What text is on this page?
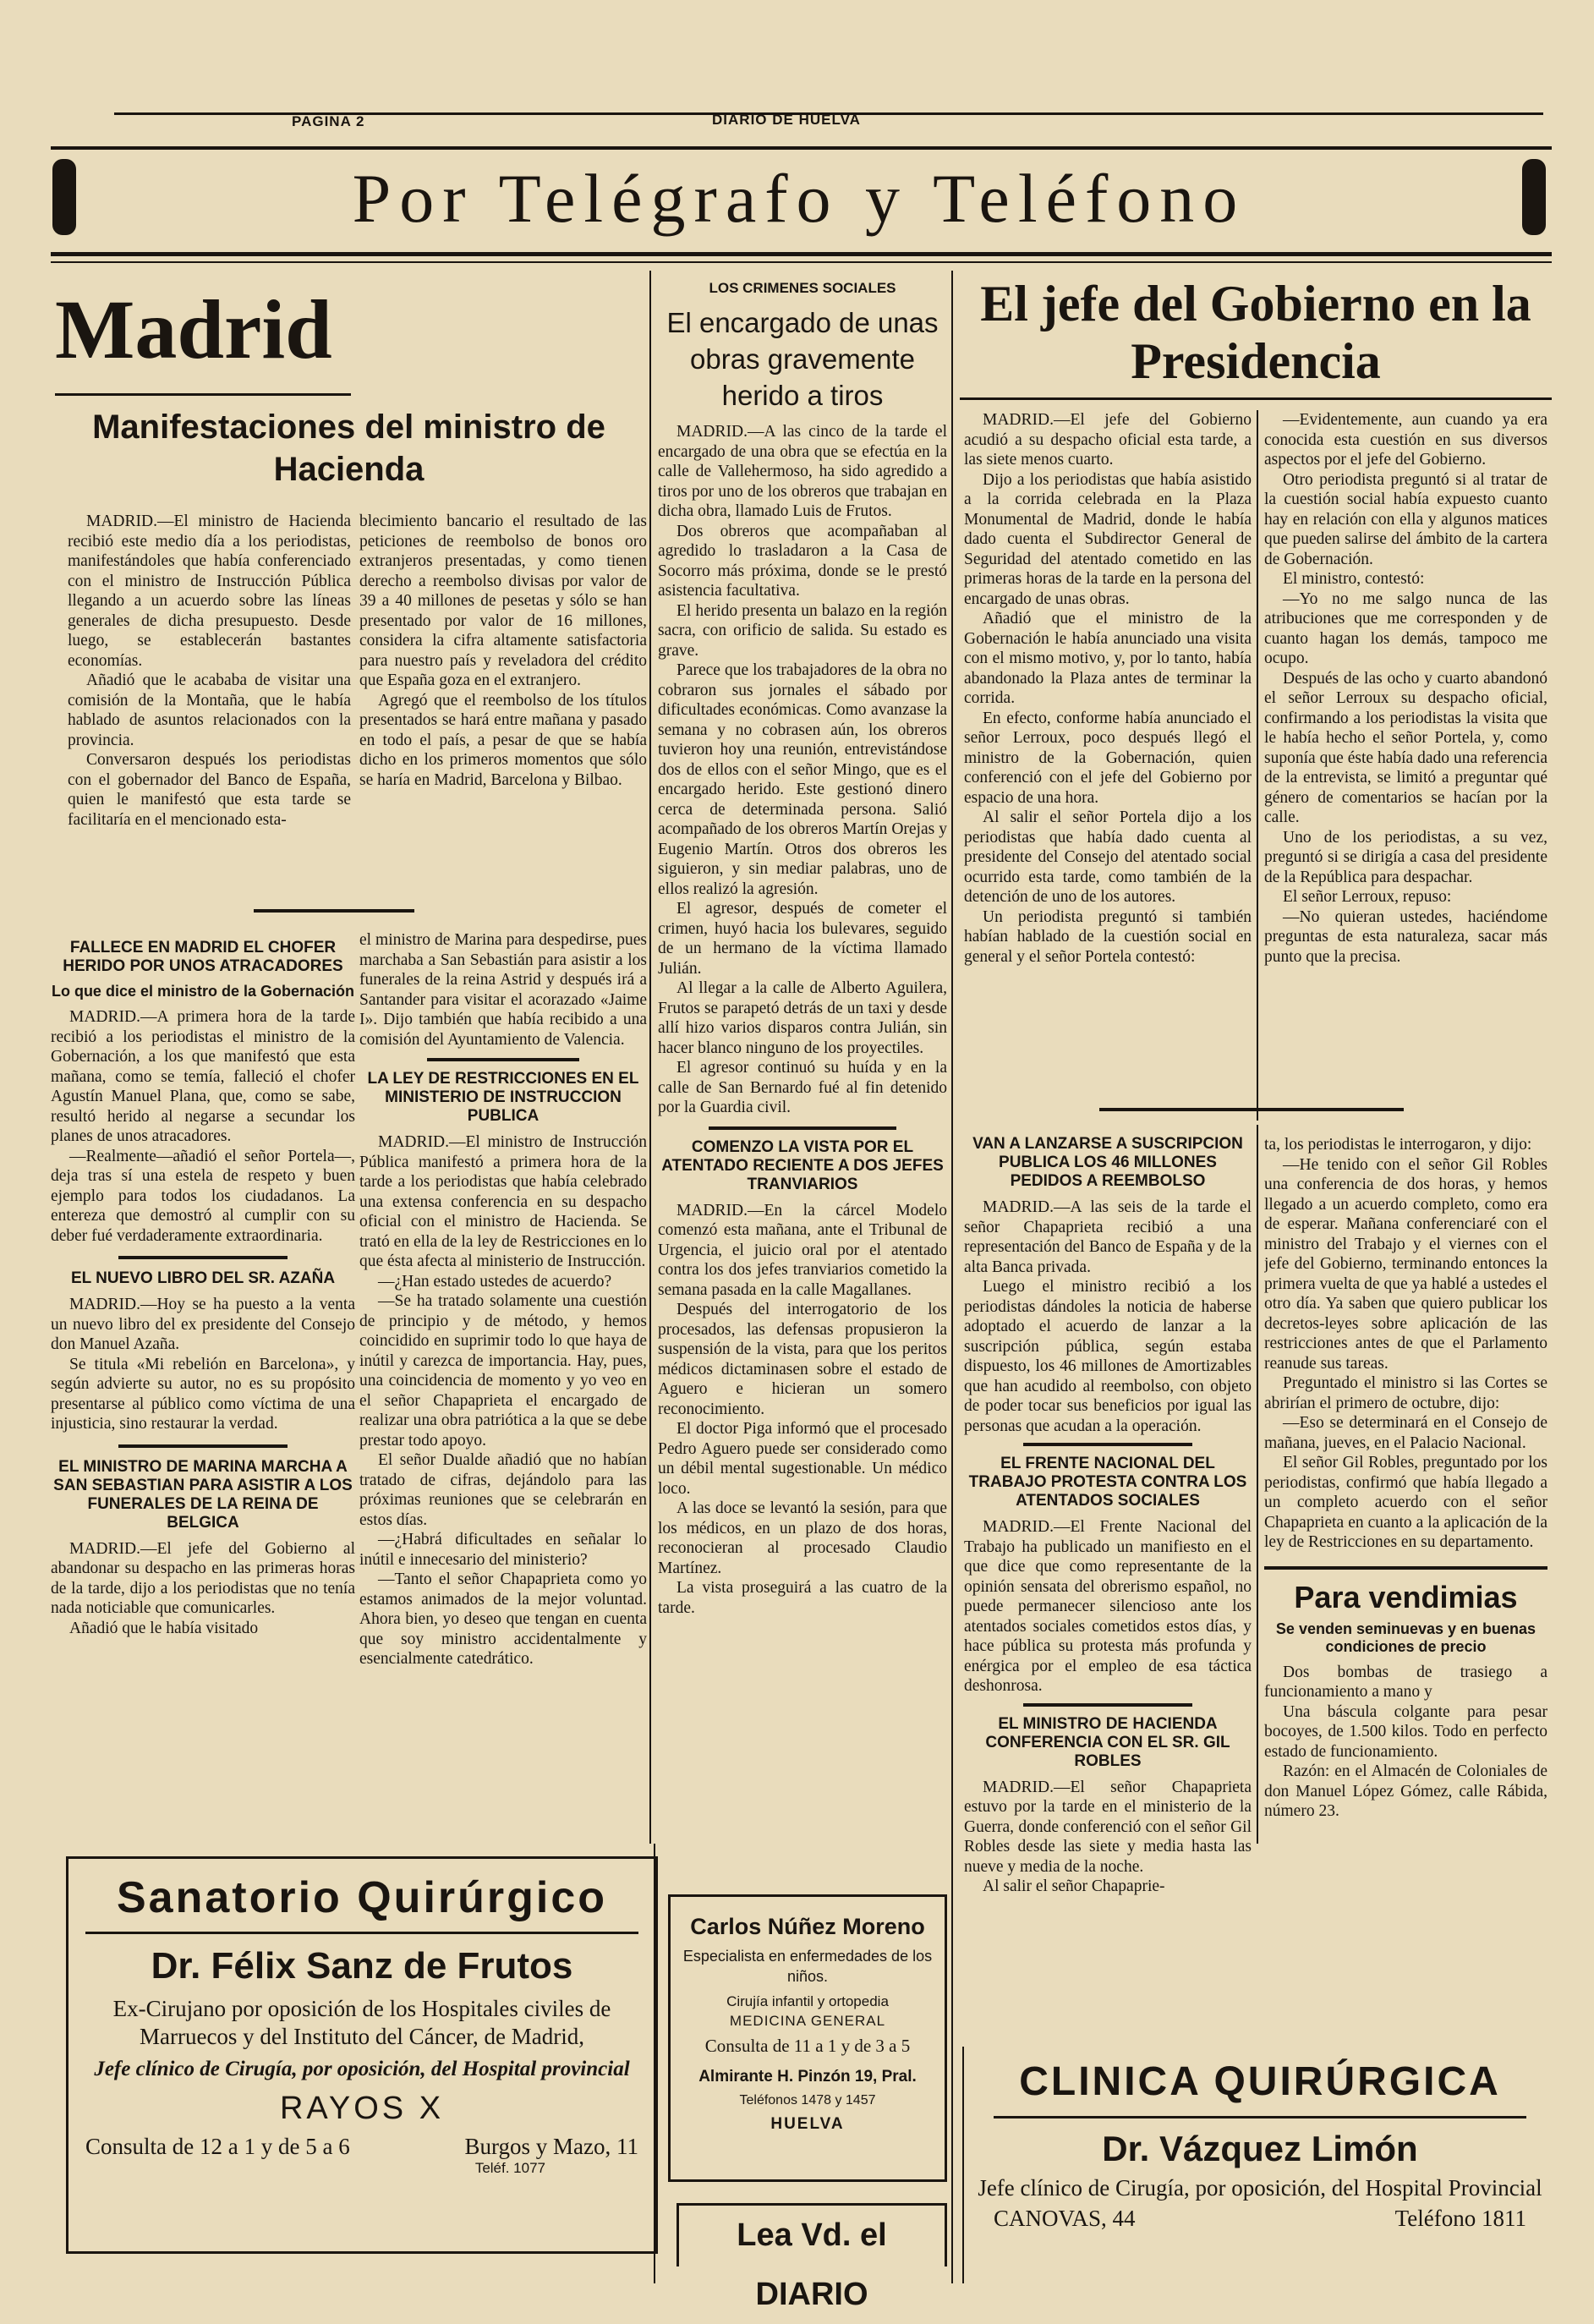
PAGINA 2	DIARIO DE HUELVA
Por Telégrafo y Teléfono
Madrid
Manifestaciones del ministro de Hacienda

MADRID.—El ministro de Hacienda recibió este medio día a los periodistas, manifestándoles que había conferenciado con el ministro de Instrucción Pública llegando a un acuerdo sobre las líneas generales de dicha presupuesto. Desde luego, se establecerán bastantes economías.

Añadió que le acababa de visitar una comisión de la Montaña, que le había hablado de asuntos relacionados con la provincia.

Conversaron después los periodistas con el gobernador del Banco de España, quien le manifestó que esta tarde se facilitaría en el mencionado esta-

blecimiento bancario el resultado de las peticiones de reembolso de bonos oro extranjeros presentadas, y como tienen derecho a reembolso divisas por valor de 39 a 40 millones de pesetas y sólo se han presentado por valor de 16 millones, considera la cifra altamente satisfactoria para nuestro país y reveladora del crédito que España goza en el extranjero.

Agregó que el reembolso de los títulos presentados se hará entre mañana y pasado en todo el país, a pesar de que se había dicho en los primeros momentos que sólo se haría en Madrid, Barcelona y Bilbao.

FALLECE EN MADRID EL CHOFER HERIDO POR UNOS ATRACADORES
Lo que dice el ministro de la Gobernación

MADRID.—A primera hora de la tarde recibió a los periodistas el ministro de la Gobernación, a los que manifestó que esta mañana, como se temía, falleció el chofer Agustín Manuel Plana, que, como se sabe, resultó herido al negarse a secundar los planes de unos atracadores.

—Realmente—añadió el señor Portela—, deja tras sí una estela de respeto y buen ejemplo para todos los ciudadanos. La entereza que demostró al cumplir con su deber fué verdaderamente extraordinaria.

EL NUEVO LIBRO DEL SR. AZAÑA

MADRID.—Hoy se ha puesto a la venta un nuevo libro del ex presidente del Consejo don Manuel Azaña.

Se titula «Mi rebelión en Barcelona», y según advierte su autor, no es su propósito presentarse al público como víctima de una injusticia, sino restaurar la verdad.

EL MINISTRO DE MARINA MARCHA A SAN SEBASTIAN PARA ASISTIR A LOS FUNERALES DE LA REINA DE BELGICA

MADRID.—El jefe del Gobierno al abandonar su despacho en las primeras horas de la tarde, dijo a los periodistas que no tenía nada noticiable que comunicarles.

Añadió que le había visitado

el ministro de Marina para despedirse, pues marchaba a San Sebastián para asistir a los funerales de la reina Astrid y después irá a Santander para visitar el acorazado «Jaime I». Dijo también que había recibido a una comisión del Ayuntamiento de Valencia.

LA LEY DE RESTRICCIONES EN EL MINISTERIO DE INSTRUCCION PUBLICA

MADRID.—El ministro de Instrucción Pública manifestó a primera hora de la tarde a los periodistas que había celebrado una extensa conferencia en su despacho oficial con el ministro de Hacienda. Se trató en ella de la ley de Restricciones en lo que ésta afecta al ministerio de Instrucción.

—¿Han estado ustedes de acuerdo?

—Se ha tratado solamente una cuestión de principio y de método, y hemos coincidido en suprimir todo lo que haya de inútil y carezca de importancia. Hay, pues, una coincidencia de momento y yo veo en el señor Chapaprieta el encargado de realizar una obra patriótica a la que se debe prestar todo apoyo.

El señor Dualde añadió que no habían tratado de cifras, dejándolo para las próximas reuniones que se celebrarán en estos días.

—¿Habrá dificultades en señalar lo inútil e innecesario del ministerio?

—Tanto el señor Chapaprieta como yo estamos animados de la mejor voluntad. Ahora bien, yo deseo que tengan en cuenta que soy ministro accidentalmente y esencialmente catedrático.

LOS CRIMENES SOCIALES
El encargado de unas obras gravemente herido a tiros

MADRID.—A las cinco de la tarde el encargado de una obra que se efectúa en la calle de Vallehermoso, ha sido agredido a tiros por uno de los obreros que trabajan en dicha obra, llamado Luis de Frutos.

Dos obreros que acompañaban al agredido lo trasladaron a la Casa de Socorro más próxima, donde se le prestó asistencia facultativa.

El herido presenta un balazo en la región sacra, con orificio de salida. Su estado es grave.

Parece que los trabajadores de la obra no cobraron sus jornales el sábado por dificultades económicas. Como avanzase la semana y no cobrasen aún, los obreros tuvieron hoy una reunión, entrevistándose dos de ellos con el señor Mingo, que es el encargado herido. Este gestionó dinero cerca de determinada persona. Salió acompañado de los obreros Martín Orejas y Eugenio Martín. Otros dos obreros les siguieron, y sin mediar palabras, uno de ellos realizó la agresión.

El agresor, después de cometer el crimen, huyó hacia los bulevares, seguido de un hermano de la víctima llamado Julián.

Al llegar a la calle de Alberto Aguilera, Frutos se parapetó detrás de un taxi y desde allí hizo varios disparos contra Julián, sin hacer blanco ninguno de los proyectiles.

El agresor continuó su huída y en la calle de San Bernardo fué al fin detenido por la Guardia civil.

COMENZO LA VISTA POR EL ATENTADO RECIENTE A DOS JEFES TRANVIARIOS

MADRID.—En la cárcel Modelo comenzó esta mañana, ante el Tribunal de Urgencia, el juicio oral por el atentado contra los dos jefes tranviarios cometido la semana pasada en la calle Magallanes.

Después del interrogatorio de los procesados, las defensas propusieron la suspensión de la vista, para que los peritos médicos dictaminasen sobre el estado de Aguero e hicieran un somero reconocimiento.

El doctor Piga informó que el procesado Pedro Aguero puede ser considerado como un débil mental sugestionable. Un médico loco.

A las doce se levantó la sesión, para que los médicos, en un plazo de dos horas, reconocieran al procesado Claudio Martínez.

La vista proseguirá a las cuatro de la tarde.

El jefe del Gobierno en la Presidencia

MADRID.—El jefe del Gobierno acudió a su despacho oficial esta tarde, a las siete menos cuarto.

Dijo a los periodistas que había asistido a la corrida celebrada en la Plaza Monumental de Madrid, donde le había dado cuenta el Subdirector General de Seguridad del atentado cometido en las primeras horas de la tarde en la persona del encargado de unas obras.

Añadió que el ministro de la Gobernación le había anunciado una visita con el mismo motivo, y, por lo tanto, había abandonado la Plaza antes de terminar la corrida.

En efecto, conforme había anunciado el señor Lerroux, poco después llegó el ministro de la Gobernación, quien conferenció con el jefe del Gobierno por espacio de una hora.

Al salir el señor Portela dijo a los periodistas que había dado cuenta al presidente del Consejo del atentado social ocurrido esta tarde, como también de la detención de uno de los autores.

Un periodista preguntó si también habían hablado de la cuestión social en general y el señor Portela contestó:

—Evidentemente, aun cuando ya era conocida esta cuestión en sus diversos aspectos por el jefe del Gobierno.

Otro periodista preguntó si al tratar de la cuestión social había expuesto cuanto hay en relación con ella y algunos matices que pueden salirse del ámbito de la cartera de Gobernación.

El ministro, contestó:

—Yo no me salgo nunca de las atribuciones que me corresponden y de cuanto hagan los demás, tampoco me ocupo.

Después de las ocho y cuarto abandonó el señor Lerroux su despacho oficial, confirmando a los periodistas la visita que le había hecho el señor Portela, y, como suponía que éste había dado una referencia de la entrevista, se limitó a preguntar qué género de comentarios se hacían por la calle.

Uno de los periodistas, a su vez, preguntó si se dirigía a casa del presidente de la República para despachar.

El señor Lerroux, repuso:

—No quieran ustedes, haciéndome preguntas de esta naturaleza, sacar más punto que la precisa.

VAN A LANZARSE A SUSCRIPCION PUBLICA LOS 46 MILLONES PEDIDOS A REEMBOLSO

MADRID.—A las seis de la tarde el señor Chapaprieta recibió a una representación del Banco de España y de la alta Banca privada.

Luego el ministro recibió a los periodistas dándoles la noticia de haberse adoptado el acuerdo de lanzar a la suscripción pública, según estaba dispuesto, los 46 millones de Amortizables que han acudido al reembolso, con objeto de poder tocar sus beneficios por igual las personas que acudan a la operación.

EL FRENTE NACIONAL DEL TRABAJO PROTESTA CONTRA LOS ATENTADOS SOCIALES

MADRID.—El Frente Nacional del Trabajo ha publicado un manifiesto en el que dice que como representante de la opinión sensata del obrerismo español, no puede permanecer silencioso ante los atentados sociales cometidos estos días, y hace pública su protesta más profunda y enérgica por el empleo de esa táctica deshonrosa.

EL MINISTRO DE HACIENDA CONFERENCIA CON EL SR. GIL ROBLES

MADRID.—El señor Chapaprieta estuvo por la tarde en el ministerio de la Guerra, donde conferenció con el señor Gil Robles desde las siete y media hasta las nueve y media de la noche.

Al salir el señor Chapaprie-

ta, los periodistas le interrogaron, y dijo:

—He tenido con el señor Gil Robles una conferencia de dos horas, y hemos llegado a un acuerdo completo, como era de esperar. Mañana conferenciaré con el ministro del Trabajo y el viernes con el jefe del Gobierno, terminando entonces la primera vuelta de que ya hablé a ustedes el otro día. Ya saben que quiero publicar los decretos-leyes sobre aplicación de las restricciones antes de que el Parlamento reanude sus tareas.

Preguntado el ministro si las Cortes se abrirían el primero de octubre, dijo:

—Eso se determinará en el Consejo de mañana, jueves, en el Palacio Nacional.

El señor Gil Robles, preguntado por los periodistas, confirmó que había llegado a un completo acuerdo con el señor Chapaprieta en cuanto a la aplicación de la ley de Restricciones en su departamento.

Para vendimias
Se venden seminuevas y en buenas condiciones de precio

Dos bombas de trasiego a funcionamiento a mano y

Una báscula colgante para pesar bocoyes, de 1.500 kilos. Todo en perfecto estado de funcionamiento.

Razón: en el Almacén de Coloniales de don Manuel López Gómez, calle Rábida, número 23.

Sanatorio Quirúrgico
Dr. Félix Sanz de Frutos
Ex-Cirujano por oposición de los Hospitales civiles de Marruecos y del Instituto del Cáncer, de Madrid,
Jefe clínico de Cirugía, por oposición, del Hospital provincial
RAYOS X
Consulta de 12 a 1 y de 5 a 6	Burgos y Mazo, 11
Teléf. 1077
Carlos Núñez Moreno
Especialista en enfermedades de los niños.
Cirujía infantil y ortopedia
MEDICINA GENERAL
Consulta de 11 a 1 y de 3 a 5
Almirante H. Pinzón 19, Pral.
Teléfonos 1478 y 1457
HUELVA
Lea Vd. el DIARIO
CLINICA QUIRÚRGICA
Dr. Vázquez Limón
Jefe clínico de Cirugía, por oposición, del Hospital Provincial
CANOVAS, 44	Teléfono 1811
